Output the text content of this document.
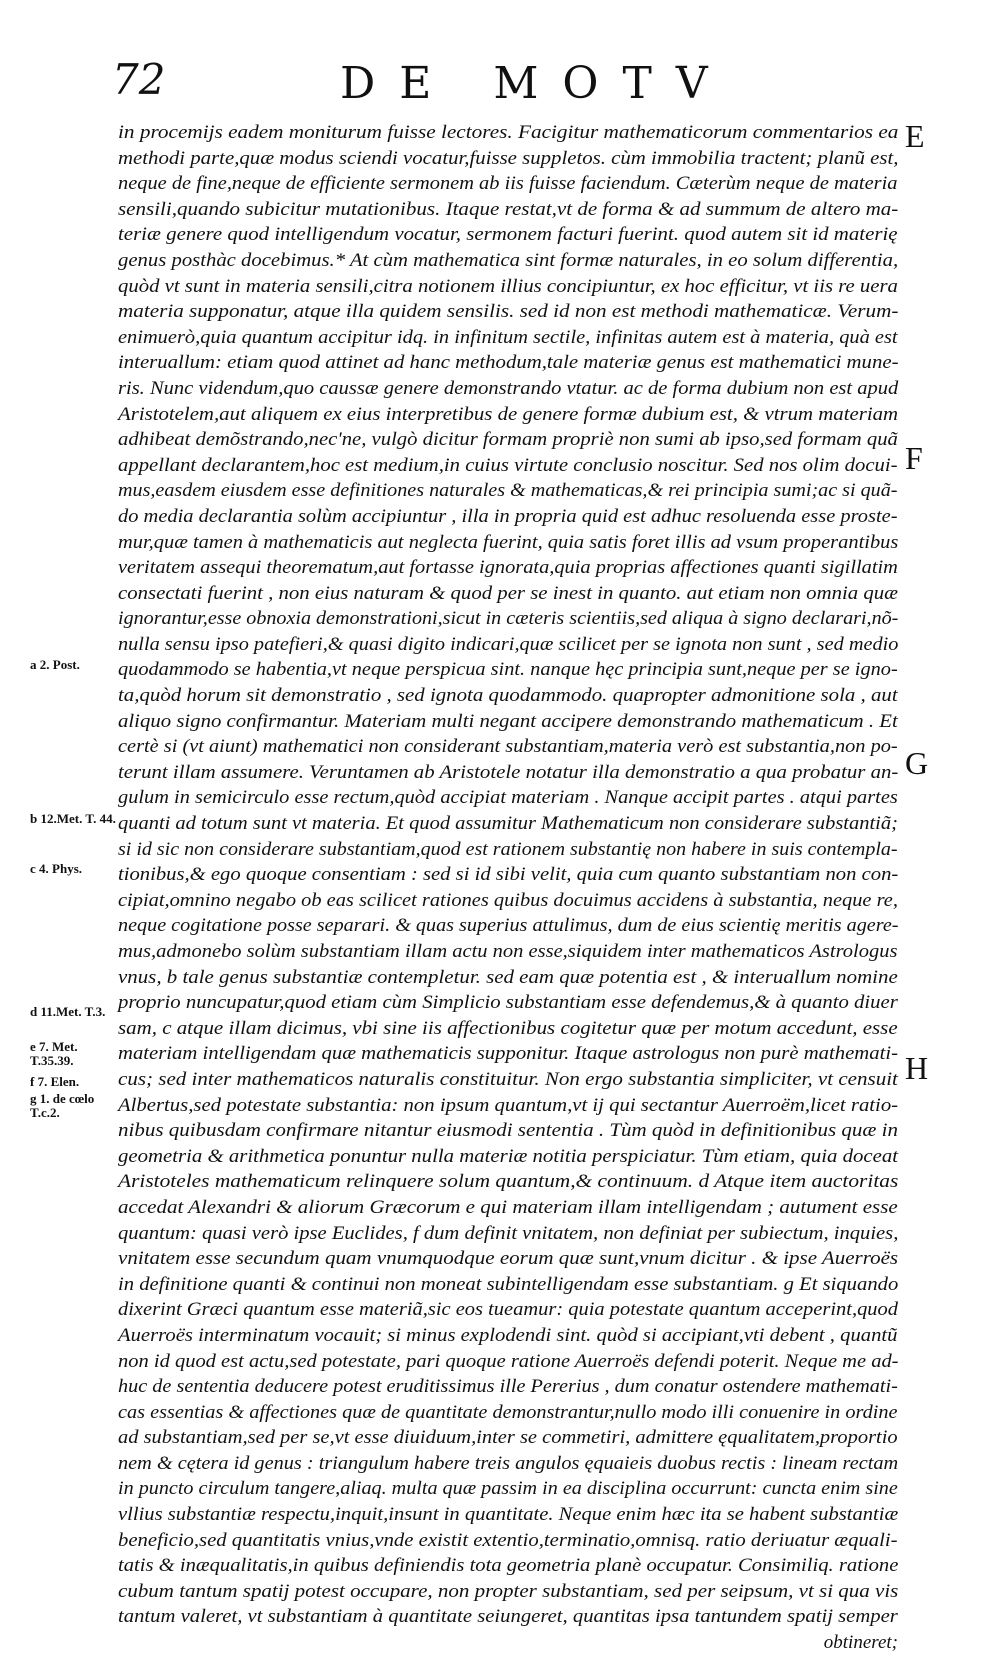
72	DE MOTV
E
F
G
H
a 2. Post.
b 12.Met. T. 44.
c 4. Phys.
d 11.Met. T.3.
e 7. Met. T.35.39.
f 7. Elen.
g 1. de cœlo T.c.2.
in procemijs eadem moniturum fuisse lectores. Facigitur mathematicorum commentarios ea
methodi parte,quæ modus sciendi vocatur,fuisse suppletos. cùm immobilia tractent; planũ est,
neque de fine,neque de efficiente sermonem ab iis fuisse faciendum. Cæterùm neque de materia
sensili,quando subicitur mutationibus. Itaque restat,vt de forma & ad summum de altero ma-
teriæ genere quod intelligendum vocatur, sermonem facturi fuerint. quod autem sit id materię
genus posthàc docebimus.* At cùm mathematica sint formæ naturales, in eo solum differentia,
quòd vt sunt in materia sensili,citra notionem illius concipiuntur, ex hoc efficitur, vt iis re uera
materia supponatur, atque illa quidem sensilis. sed id non est methodi mathematicæ. Verum-
enimuerò,quia quantum accipitur idq. in infinitum sectile, infinitas autem est à materia, quà est
interuallum: etiam quod attinet ad hanc methodum,tale materiæ genus est mathematici mune-
ris. Nunc videndum,quo caussæ genere demonstrando vtatur. ac de forma dubium non est apud
Aristotelem,aut aliquem ex eius interpretibus de genere formæ dubium est, & vtrum materiam
adhibeat demõstrando,nec'ne, vulgò dicitur formam propriè non sumi ab ipso,sed formam quã
appellant declarantem,hoc est medium,in cuius virtute conclusio noscitur. Sed nos olim docui-
mus,easdem eiusdem esse definitiones naturales & mathematicas,& rei principia sumi;ac si quã-
do media declarantia solùm accipiuntur , illa in propria quid est adhuc resoluenda esse proste-
mur,quæ tamen à mathematicis aut neglecta fuerint, quia satis foret illis ad vsum properantibus
veritatem assequi theorematum,aut fortasse ignorata,quia proprias affectiones quanti sigillatim
consectati fuerint , non eius naturam & quod per se inest in quanto. aut etiam non omnia quæ
ignorantur,esse obnoxia demonstrationi,sicut in cæteris scientiis,sed aliqua à signo declarari,nõ-
nulla sensu ipso patefieri,& quasi digito indicari,quæ scilicet per se ignota non sunt , sed medio
quodammodo se habentia,vt neque perspicua sint. nanque hęc principia sunt,neque per se igno-
ta,quòd horum sit demonstratio , sed ignota quodammodo. quapropter admonitione sola , aut
aliquo signo confirmantur. Materiam multi negant accipere demonstrando mathematicum . Et
certè si (vt aiunt) mathematici non considerant substantiam,materia verò est substantia,non po-
terunt illam assumere. Veruntamen ab Aristotele notatur illa demonstratio a qua probatur an-
gulum in semicirculo esse rectum,quòd accipiat materiam . Nanque accipit partes . atqui partes
quanti ad totum sunt vt materia. Et quod assumitur Mathematicum non considerare substantiã;
si id sic non considerare substantiam,quod est rationem substantię non habere in suis contempla-
tionibus,& ego quoque consentiam : sed si id sibi velit, quia cum quanto substantiam non con-
cipiat,omnino negabo ob eas scilicet rationes quibus docuimus accidens à substantia, neque re,
neque cogitatione posse separari. & quas superius attulimus, dum de eius scientię meritis agere-
mus,admonebo solùm substantiam illam actu non esse,siquidem inter mathematicos Astrologus
vnus, b tale genus substantiæ contempletur. sed eam quæ potentia est , & interuallum nomine
proprio nuncupatur,quod etiam cùm Simplicio substantiam esse defendemus,& à quanto diuer
sam, c atque illam dicimus, vbi sine iis affectionibus cogitetur quæ per motum accedunt, esse
materiam intelligendam quæ mathematicis supponitur. Itaque astrologus non purè mathemati-
cus; sed inter mathematicos naturalis constituitur. Non ergo substantia simpliciter, vt censuit
Albertus,sed potestate substantia: non ipsum quantum,vt ij qui sectantur Auerroëm,licet ratio-
nibus quibusdam confirmare nitantur eiusmodi sententia . Tùm quòd in definitionibus quæ in
geometria & arithmetica ponuntur nulla materiæ notitia perspiciatur. Tùm etiam, quia doceat
Aristoteles mathematicum relinquere solum quantum,& continuum. d Atque item auctoritas
accedat Alexandri & aliorum Græcorum e qui materiam illam intelligendam ; autument esse
quantum: quasi verò ipse Euclides, f dum definit vnitatem, non definiat per subiectum, inquies,
vnitatem esse secundum quam vnumquodque eorum quæ sunt,vnum dicitur . & ipse Auerroës
in definitione quanti & continui non moneat subintelligendam esse substantiam. g Et siquando
dixerint Græci quantum esse materiã,sic eos tueamur: quia potestate quantum acceperint,quod
Auerroës interminatum vocauit; si minus explodendi sint. quòd si accipiant,vti debent , quantũ
non id quod est actu,sed potestate, pari quoque ratione Auerroës defendi poterit. Neque me ad-
huc de sententia deducere potest eruditissimus ille Pererius , dum conatur ostendere mathemati-
cas essentias & affectiones quæ de quantitate demonstrantur,nullo modo illi conuenire in ordine
ad substantiam,sed per se,vt esse diuiduum,inter se commetiri, admittere ęqualitatem,proportio
nem & cętera id genus : triangulum habere treis angulos ęquaieis duobus rectis : lineam rectam
in puncto circulum tangere,aliaq. multa quæ passim in ea disciplina occurrunt: cuncta enim sine
vllius substantiæ respectu,inquit,insunt in quantitate. Neque enim hæc ita se habent substantiæ
beneficio,sed quantitatis vnius,vnde existit extentio,terminatio,omnisq. ratio deriuatur æquali-
tatis & inæqualitatis,in quibus definiendis tota geometria planè occupatur. Consimiliq. ratione
cubum tantum spatij potest occupare, non propter substantiam, sed per seipsum, vt si qua vis
tantum valeret, vt substantiam à quantitate seiungeret, quantitas ipsa tantundem spatij semper
obtineret;
